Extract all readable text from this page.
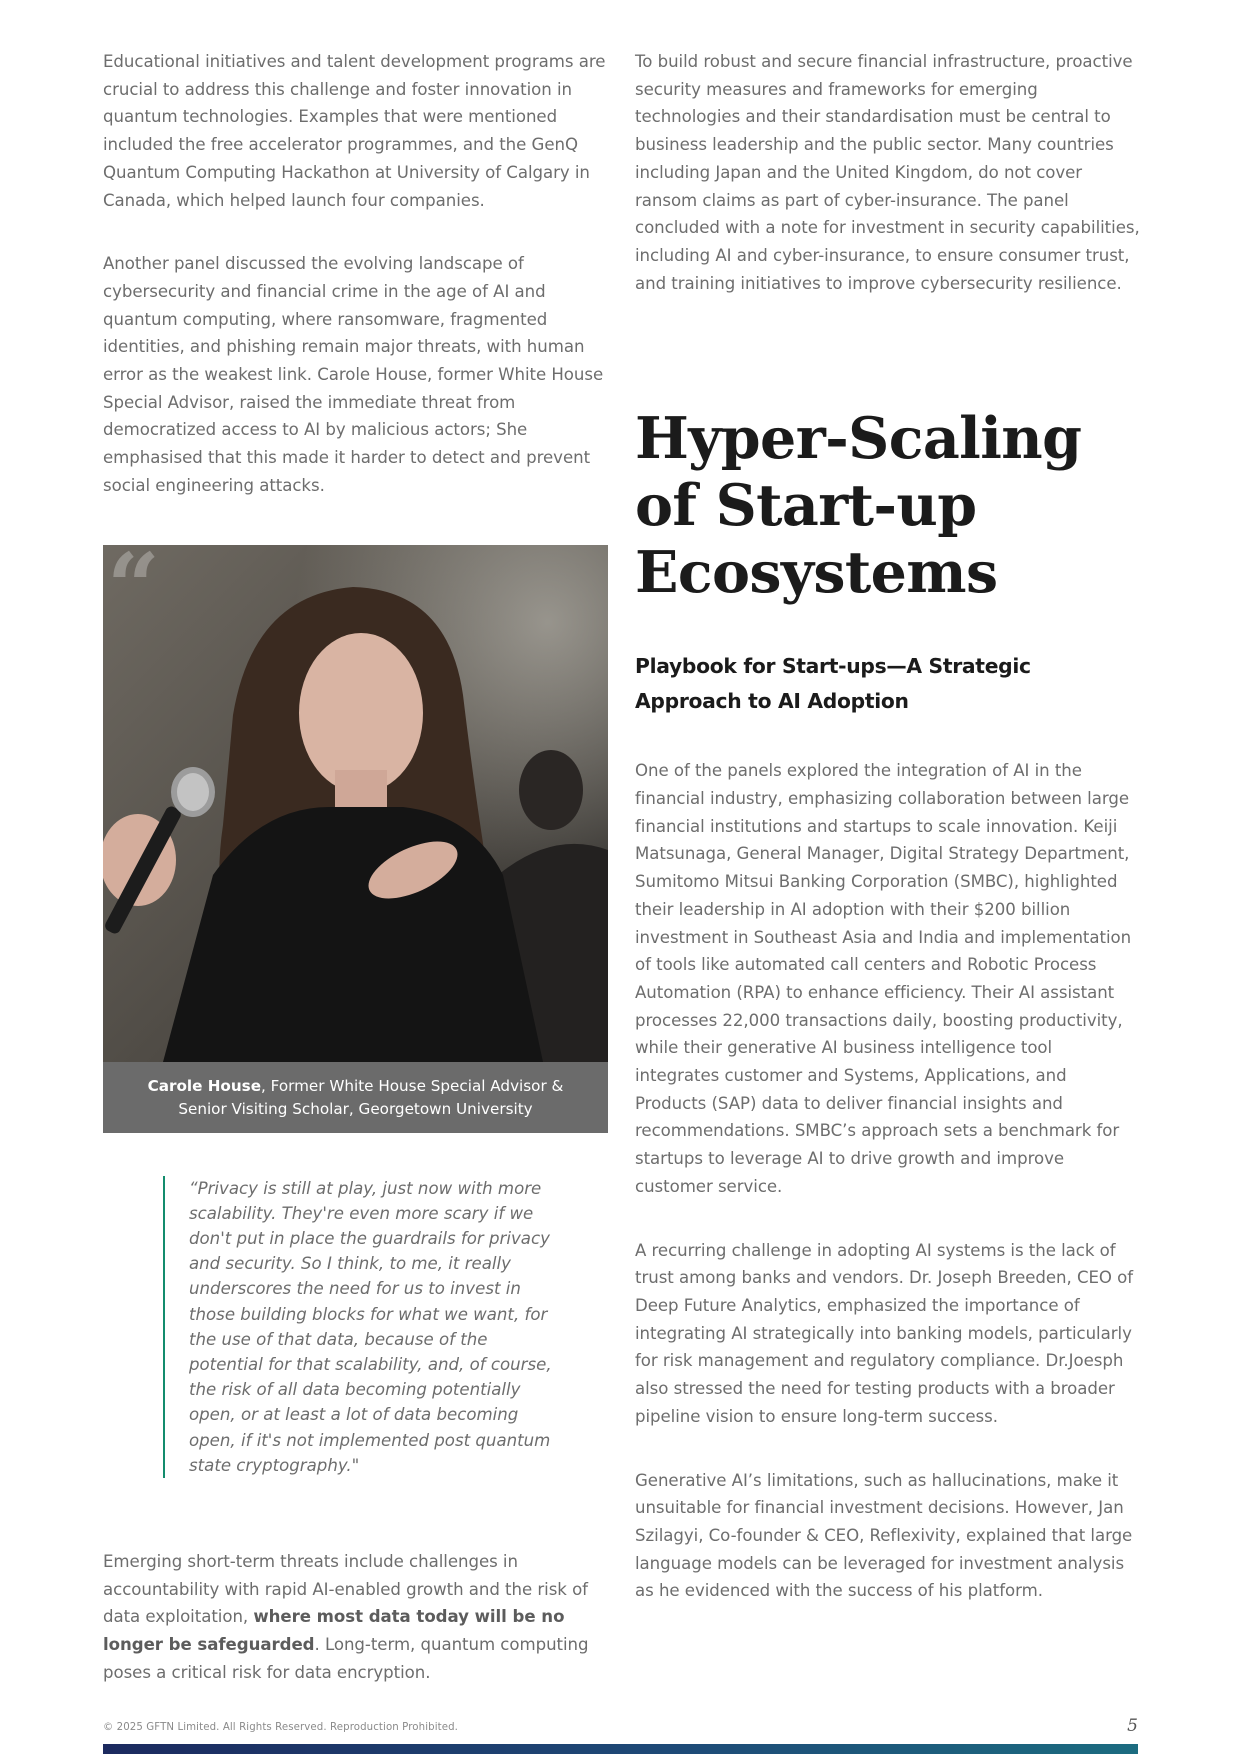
Educational initiatives and talent development programs are crucial to address this challenge and foster innovation in quantum technologies. Examples that were mentioned included the free accelerator programmes, and the GenQ Quantum Computing Hackathon at University of Calgary in Canada, which helped launch four companies.

Another panel discussed the evolving landscape of cybersecurity and financial crime in the age of AI and quantum computing, where ransomware, fragmented identities, and phishing remain major threats, with human error as the weakest link. Carole House, former White House Special Advisor, raised the immediate threat from democratized access to AI by malicious actors; She emphasised that this made it harder to detect and prevent social engineering attacks.

“
Carole House, Former White House Special Advisor &
Senior Visiting Scholar, Georgetown University
“Privacy is still at play, just now with more scalability. They're even more scary if we don't put in place the guardrails for privacy and security. So I think, to me, it really underscores the need for us to invest in those building blocks for what we want, for the use of that data, because of the potential for that scalability, and, of course, the risk of all data becoming potentially open, or at least a lot of data becoming open, if it's not implemented post quantum state cryptography."

Emerging short-term threats include challenges in accountability with rapid AI-enabled growth and the risk of data exploitation, where most data today will be no longer be safeguarded. Long-term, quantum computing poses a critical risk for data encryption.

To build robust and secure financial infrastructure, proactive security measures and frameworks for emerging technologies and their standardisation must be central to business leadership and the public sector. Many countries including Japan and the United Kingdom, do not cover ransom claims as part of cyber-insurance. The panel concluded with a note for investment in security capabilities, including AI and cyber-insurance, to ensure consumer trust, and training initiatives to improve cybersecurity resilience.

Hyper-Scaling of Start-up Ecosystems
Playbook for Start-ups—A Strategic Approach to AI Adoption

One of the panels explored the integration of AI in the financial industry, emphasizing collaboration between large financial institutions and startups to scale innovation. Keiji Matsunaga, General Manager, Digital Strategy Department, Sumitomo Mitsui Banking Corporation (SMBC), highlighted their leadership in AI adoption with their $200 billion investment in Southeast Asia and India and implementation of tools like automated call centers and Robotic Process Automation (RPA) to enhance efficiency. Their AI assistant processes 22,000 transactions daily, boosting productivity, while their generative AI business intelligence tool integrates customer and Systems, Applications, and Products (SAP) data to deliver financial insights and recommendations. SMBC’s approach sets a benchmark for startups to leverage AI to drive growth and improve customer service.

A recurring challenge in adopting AI systems is the lack of trust among banks and vendors. Dr. Joseph Breeden, CEO of Deep Future Analytics, emphasized the importance of integrating AI strategically into banking models, particularly for risk management and regulatory compliance. Dr.Joesph also stressed the need for testing products with a broader pipeline vision to ensure long-term success.

Generative AI’s limitations, such as hallucinations, make it unsuitable for financial investment decisions. However, Jan Szilagyi, Co-founder & CEO, Reflexivity, explained that large language models can be leveraged for investment analysis as he evidenced with the success of his platform.

© 2025 GFTN Limited. All Rights Reserved. Reproduction Prohibited.	5
